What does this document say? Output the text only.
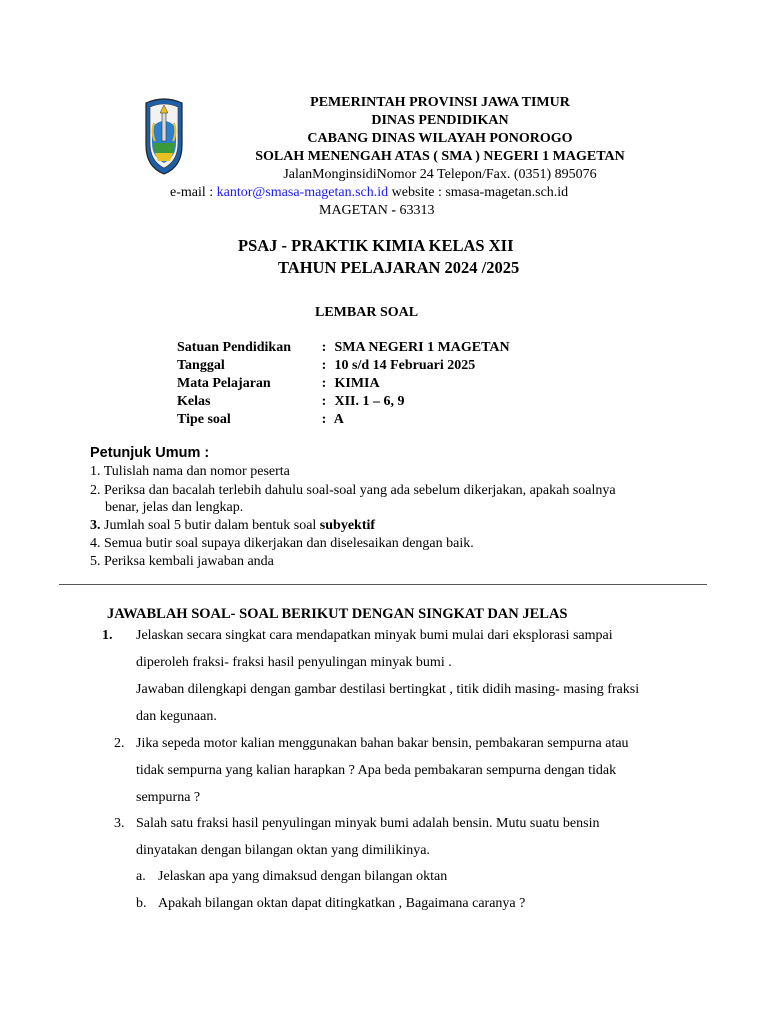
PEMERINTAH PROVINSI JAWA TIMUR
DINAS PENDIDIKAN
CABANG DINAS WILAYAH PONOROGO
SOLAH MENENGAH ATAS ( SMA ) NEGERI 1 MAGETAN
JalanMonginsidiNomor 24 Telepon/Fax. (0351) 895076
e-mail : kantor@smasa-magetan.sch.id website : smasa-magetan.sch.id
MAGETAN - 63313
PSAJ - PRAKTIK KIMIA KELAS XII
TAHUN PELAJARAN 2024 /2025
LEMBAR SOAL
Satuan Pendidikan : SMA NEGERI 1 MAGETAN
Tanggal	: 10 s/d 14 Februari 2025
Mata Pelajaran	: KIMIA
Kelas	: XII. 1 – 6, 9
Tipe soal	: A
Petunjuk Umum :
1. Tulislah nama dan nomor peserta
2. Periksa dan bacalah terlebih dahulu soal-soal yang ada sebelum dikerjakan, apakah soalnya
benar, jelas dan lengkap.
3. Jumlah soal 5 butir dalam bentuk soal subyektif
4. Semua butir soal supaya dikerjakan dan diselesaikan dengan baik.
5. Periksa kembali jawaban anda
JAWABLAH SOAL- SOAL BERIKUT DENGAN SINGKAT DAN JELAS
1. Jelaskan secara singkat cara mendapatkan minyak bumi mulai dari eksplorasi sampai
diperoleh fraksi- fraksi hasil penyulingan minyak bumi .
Jawaban dilengkapi dengan gambar destilasi bertingkat , titik didih masing- masing fraksi
dan kegunaan.
2. Jika sepeda motor kalian menggunakan bahan bakar bensin, pembakaran sempurna atau
tidak sempurna yang kalian harapkan ? Apa beda pembakaran sempurna dengan tidak
sempurna ?
3. Salah satu fraksi hasil penyulingan minyak bumi adalah bensin. Mutu suatu bensin
dinyatakan dengan bilangan oktan yang dimilikinya.
a. Jelaskan apa yang dimaksud dengan bilangan oktan
b. Apakah bilangan oktan dapat ditingkatkan , Bagaimana caranya ?
